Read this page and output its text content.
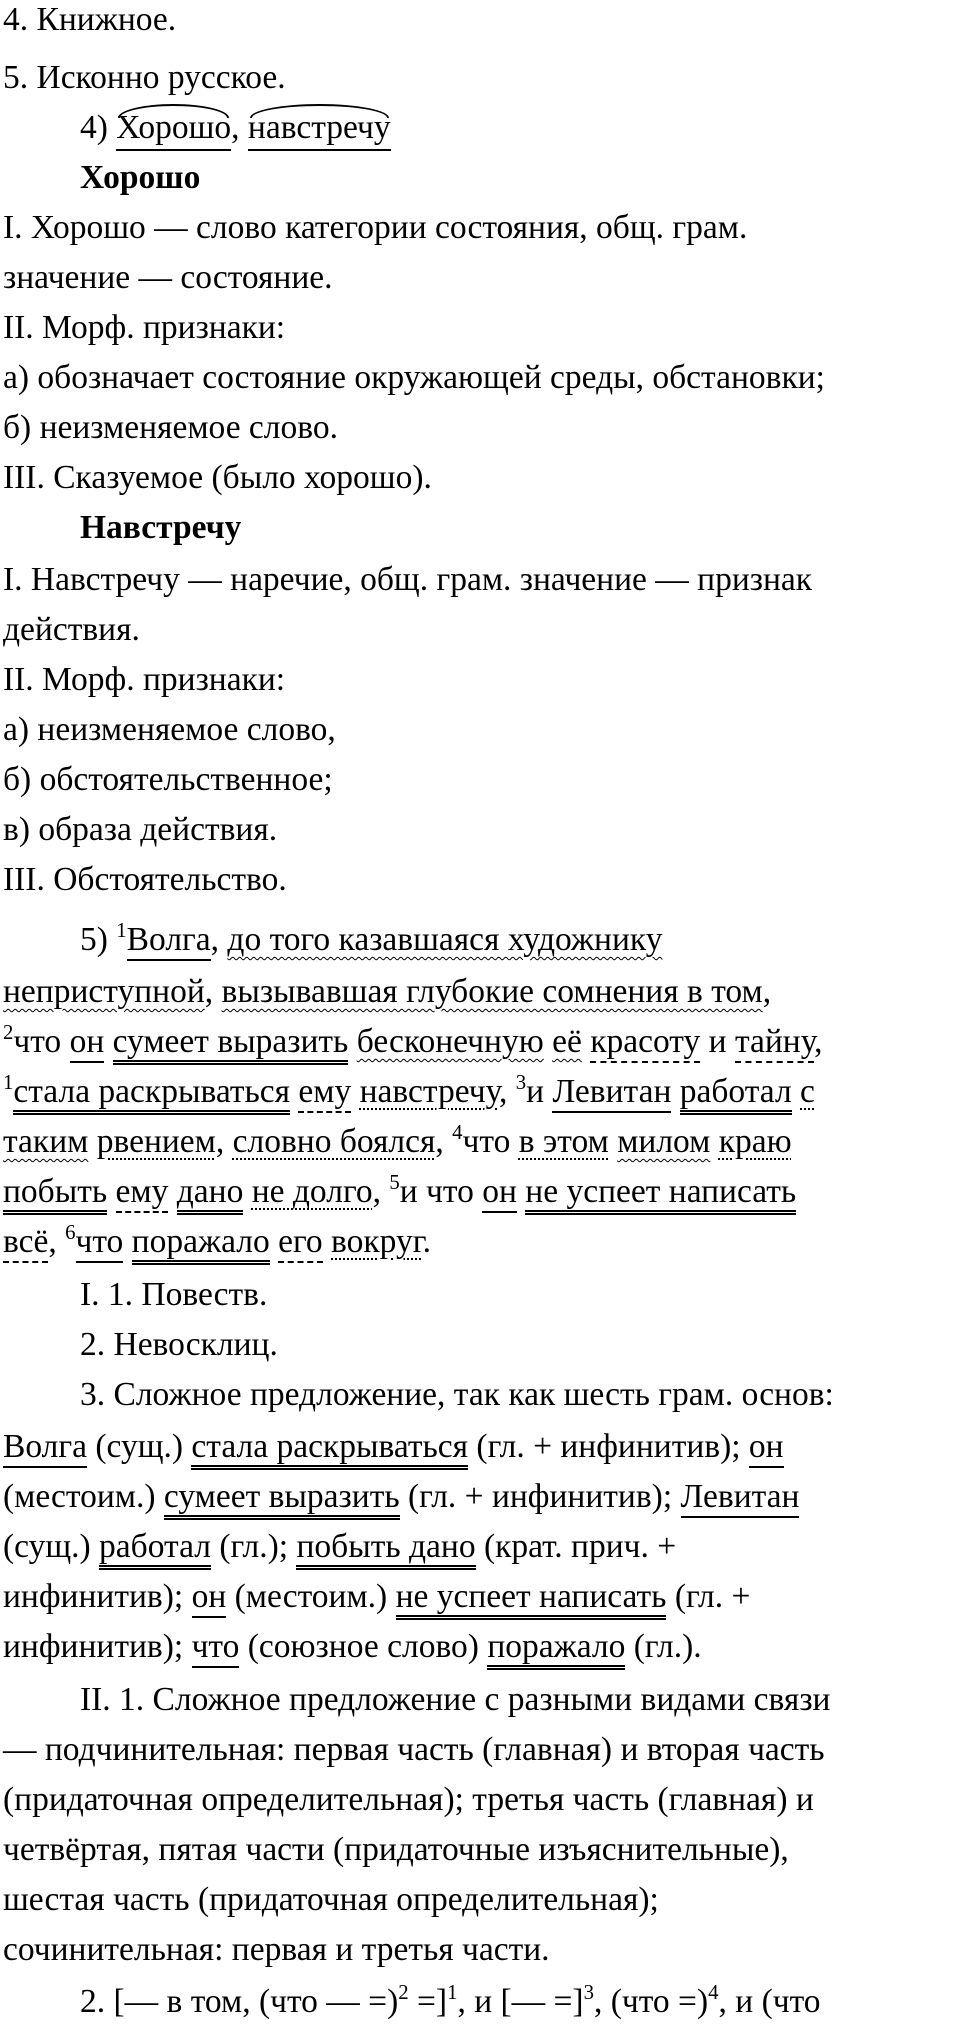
4. Книжное.
5. Исконно русское.
4) Хорошо, навстречу
Хорошо
I. Хорошо — слово категории состояния, общ. грам.
значение — состояние.
II. Морф. признаки:
а) обозначает состояние окружающей среды, обстановки;
б) неизменяемое слово.
III. Сказуемое (было хорошо).
Навстречу
I. Навстречу — наречие, общ. грам. значение — признак
действия.
II. Морф. признаки:
а) неизменяемое слово,
б) обстоятельственное;
в) образа действия.
III. Обстоятельство.
5) $^1$Волга, до того казавшаяся художнику
неприступной, вызывавшая глубокие сомнения в том,
$^2$что он сумеет выразить бесконечную её красоту и тайну,
$^1$стала раскрываться ему навстречу, $^3$и Левитан работал с
таким рвением, словно боялся, $^4$что в этом милом краю
побыть ему дано не долго, $^5$и что он не успеет написать
всё, $^6$что поражало его вокруг.
I. 1. Повеств.
2. Невосклиц.
3. Сложное предложение, так как шесть грам. основ:
Волга (сущ.) стала раскрываться (гл. + инфинитив); он
(местоим.) сумеет выразить (гл. + инфинитив); Левитан
(сущ.) работал (гл.); побыть дано (крат. прич. +
инфинитив); он (местоим.) не успеет написать (гл. +
инфинитив); что (союзное слово) поражало (гл.).
II. 1. Сложное предложение с разными видами связи
— подчинительная: первая часть (главная) и вторая часть
(придаточная определительная); третья часть (главная) и
четвёртая, пятая части (придаточные изъяснительные),
шестая часть (придаточная определительная);
сочинительная: первая и третья части.
2. [— в том, (что — =)$^2$ =]$^1$, и [— =]$^3$, (что =)$^4$, и (что
